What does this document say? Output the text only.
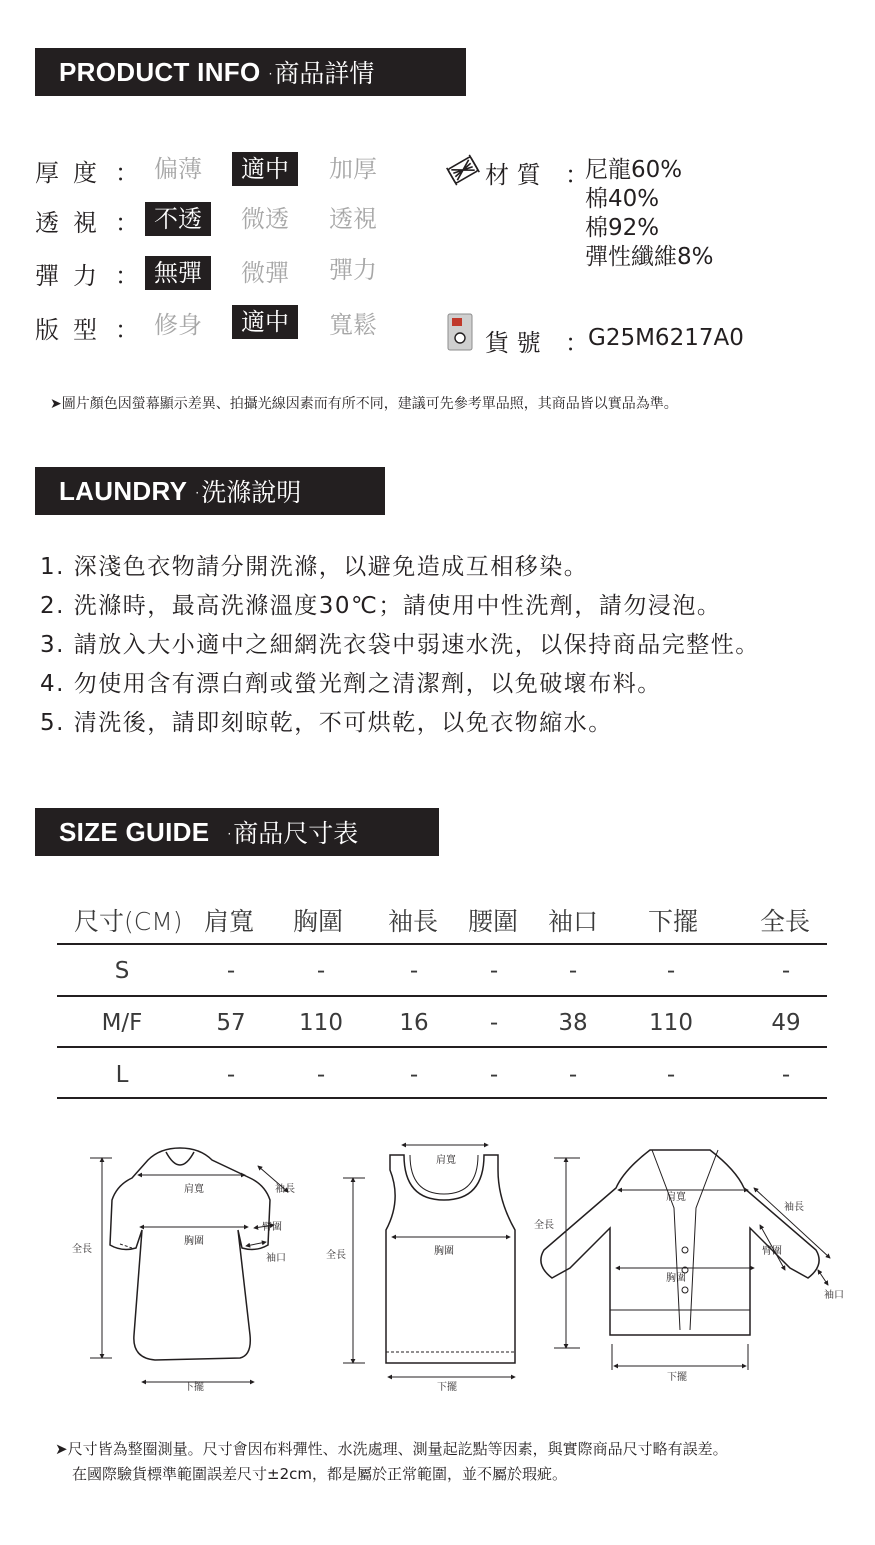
PRODUCT INFO ·商品詳情
厚度 ： 偏薄	適中	加厚
透視 ： 不透	微透	透視
彈力 ： 無彈	微彈	彈力
版型 ： 修身	適中	寬鬆
材 質 ：
尼龍60%
棉40%
棉92%
彈性纖維8%
貨 號 ： G25M6217A0
➤圖片顏色因螢幕顯示差異、拍攝光線因素而有所不同，建議可先參考單品照，其商品皆以實品為準。
LAUNDRY ·洗滌說明
1. 深淺色衣物請分開洗滌，以避免造成互相移染。
2. 洗滌時，最高洗滌溫度30℃；請使用中性洗劑，請勿浸泡。
3. 請放入大小適中之細網洗衣袋中弱速水洗，以保持商品完整性。
4. 勿使用含有漂白劑或螢光劑之清潔劑，以免破壞布料。
5. 清洗後，請即刻晾乾，不可烘乾，以免衣物縮水。
SIZE GUIDE ·商品尺寸表
尺寸(CM) 肩寬 胸圍 袖長 腰圍 袖口 下擺 全長
S	-	-	-	-	-	-	-
M/F	57	110	16	-	38	110	49
L	-	-	-	-	-	-	-
肩寬
胸圍
袖長
臂圍
袖口
全長
下擺
肩寬
胸圍
全長
下擺
肩寬
胸圍
袖長
臂圍
袖口
全長
下擺
➤尺寸皆為整圈測量。尺寸會因布料彈性、水洗處理、測量起訖點等因素，與實際商品尺寸略有誤差。
在國際驗貨標準範圍誤差尺寸±2cm，都是屬於正常範圍，並不屬於瑕疵。
